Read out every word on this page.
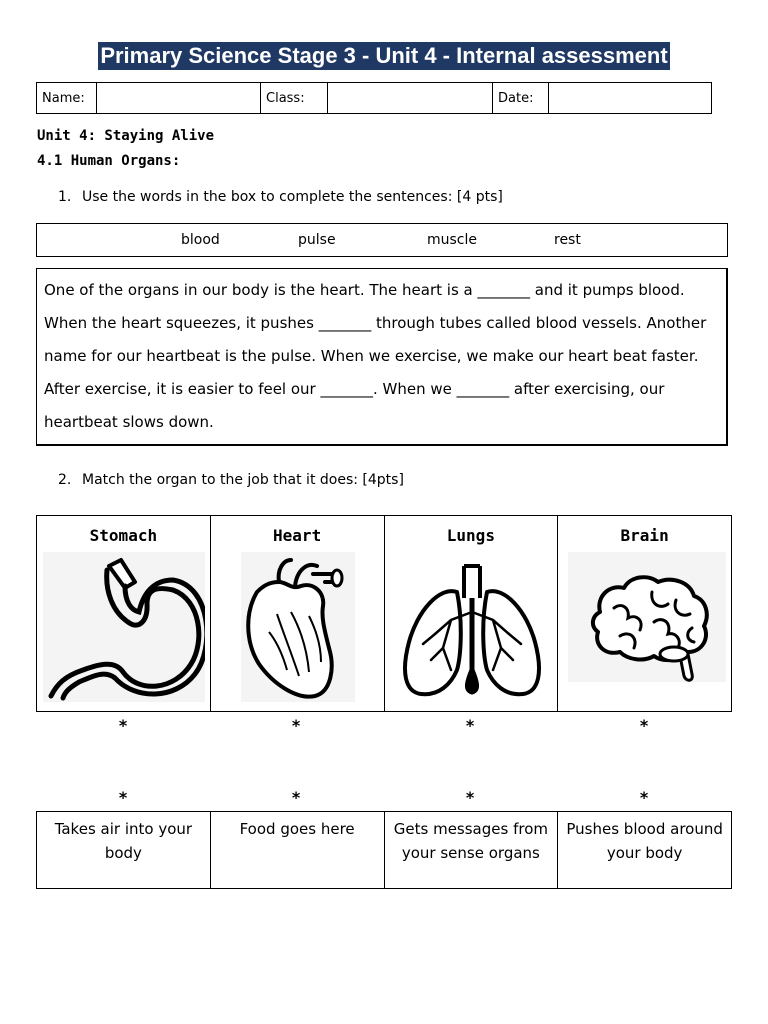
Primary Science Stage 3 - Unit 4 - Internal assessment
Name:		Class:		Date:	
Unit 4: Staying Alive
4.1 Human Organs:
1. Use the words in the box to complete the sentences: [4 pts]
blood	pulse	muscle	rest
One of the organs in our body is the heart. The heart is a _______ and it pumps blood. When the heart squeezes, it pushes _______ through tubes called blood vessels. Another name for our heartbeat is the pulse. When we exercise, we make our heart beat faster. After exercise, it is easier to feel our _______. When we _______ after exercising, our heartbeat slows down.
2. Match the organ to the job that it does: [4pts]
Stomach	Heart	Lungs	Brain
*	*	*	*
*	*	*	*
Takes air into your body	Food goes here	Gets messages from your sense organs	Pushes blood around your body
